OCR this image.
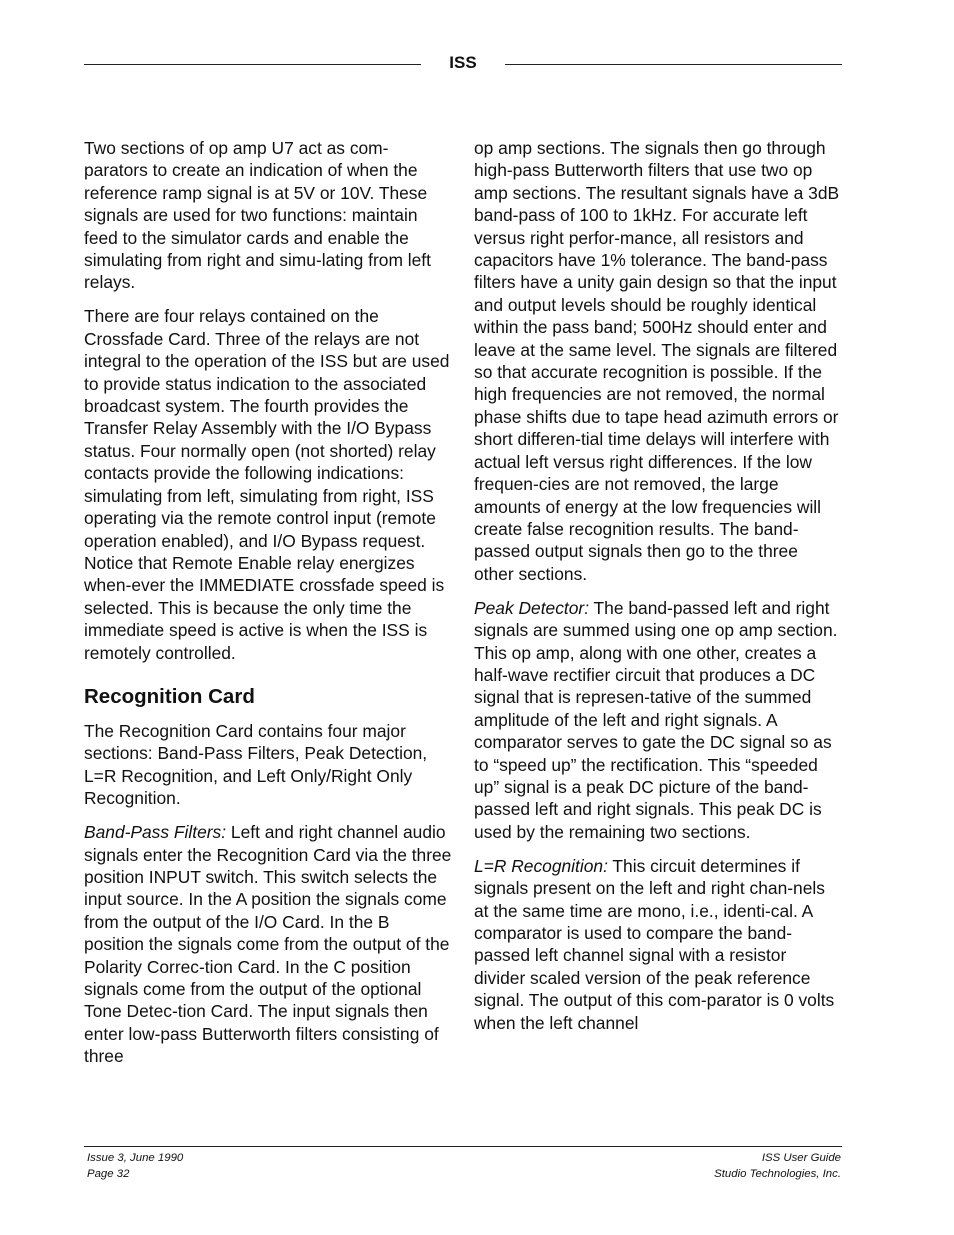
ISS

Two sections of op amp U7 act as com-parators to create an indication of when the reference ramp signal is at 5V or 10V. These signals are used for two functions: maintain feed to the simulator cards and enable the simulating from right and simu-lating from left relays.

There are four relays contained on the Crossfade Card. Three of the relays are not integral to the operation of the ISS but are used to provide status indication to the associated broadcast system. The fourth provides the Transfer Relay Assembly with the I/O Bypass status. Four normally open (not shorted) relay contacts provide the following indications: simulating from left, simulating from right, ISS operating via the remote control input (remote operation enabled), and I/O Bypass request. Notice that Remote Enable relay energizes when-ever the IMMEDIATE crossfade speed is selected. This is because the only time the immediate speed is active is when the ISS is remotely controlled.

Recognition Card

The Recognition Card contains four major sections: Band-Pass Filters, Peak Detection, L=R Recognition, and Left Only/Right Only Recognition.

Band-Pass Filters: Left and right channel audio signals enter the Recognition Card via the three position INPUT switch. This switch selects the input source. In the A position the signals come from the output of the I/O Card. In the B position the signals come from the output of the Polarity Correc-tion Card. In the C position signals come from the output of the optional Tone Detec-tion Card. The input signals then enter low-pass Butterworth filters consisting of three

op amp sections. The signals then go through high-pass Butterworth filters that use two op amp sections. The resultant signals have a 3dB band-pass of 100 to 1kHz. For accurate left versus right perfor-mance, all resistors and capacitors have 1% tolerance. The band-pass filters have a unity gain design so that the input and output levels should be roughly identical within the pass band; 500Hz should enter and leave at the same level. The signals are filtered so that accurate recognition is possible. If the high frequencies are not removed, the normal phase shifts due to tape head azimuth errors or short differen-tial time delays will interfere with actual left versus right differences. If the low frequen-cies are not removed, the large amounts of energy at the low frequencies will create false recognition results. The band-passed output signals then go to the three other sections.

Peak Detector: The band-passed left and right signals are summed using one op amp section. This op amp, along with one other, creates a half-wave rectifier circuit that produces a DC signal that is represen-tative of the summed amplitude of the left and right signals. A comparator serves to gate the DC signal so as to “speed up” the rectification. This “speeded up” signal is a peak DC picture of the band-passed left and right signals. This peak DC is used by the remaining two sections.

L=R Recognition: This circuit determines if signals present on the left and right chan-nels at the same time are mono, i.e., identi-cal. A comparator is used to compare the band-passed left channel signal with a resistor divider scaled version of the peak reference signal. The output of this com-parator is 0 volts when the left channel

Issue 3, June 1990
Page 32
ISS User Guide
Studio Technologies, Inc.
